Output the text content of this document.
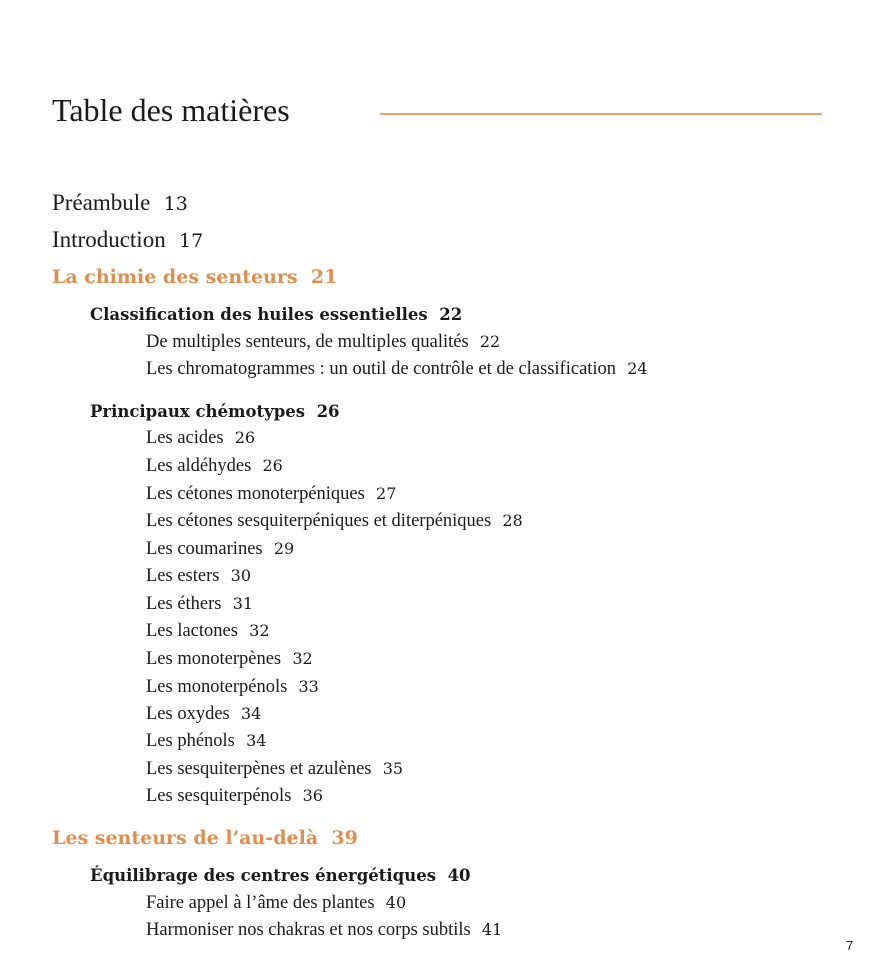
Table des matières
Préambule 13
Introduction 17
La chimie des senteurs 21
Classification des huiles essentielles 22
De multiples senteurs, de multiples qualités 22
Les chromatogrammes : un outil de contrôle et de classification 24
Principaux chémotypes 26
Les acides 26
Les aldéhydes 26
Les cétones monoterpéniques 27
Les cétones sesquiterpéniques et diterpéniques 28
Les coumarines 29
Les esters 30
Les éthers 31
Les lactones 32
Les monoterpènes 32
Les monoterpénols 33
Les oxydes 34
Les phénols 34
Les sesquiterpènes et azulènes 35
Les sesquiterpénols 36
Les senteurs de l’au-delà 39
Équilibrage des centres énergétiques 40
Faire appel à l’âme des plantes 40
Harmoniser nos chakras et nos corps subtils 41
7
